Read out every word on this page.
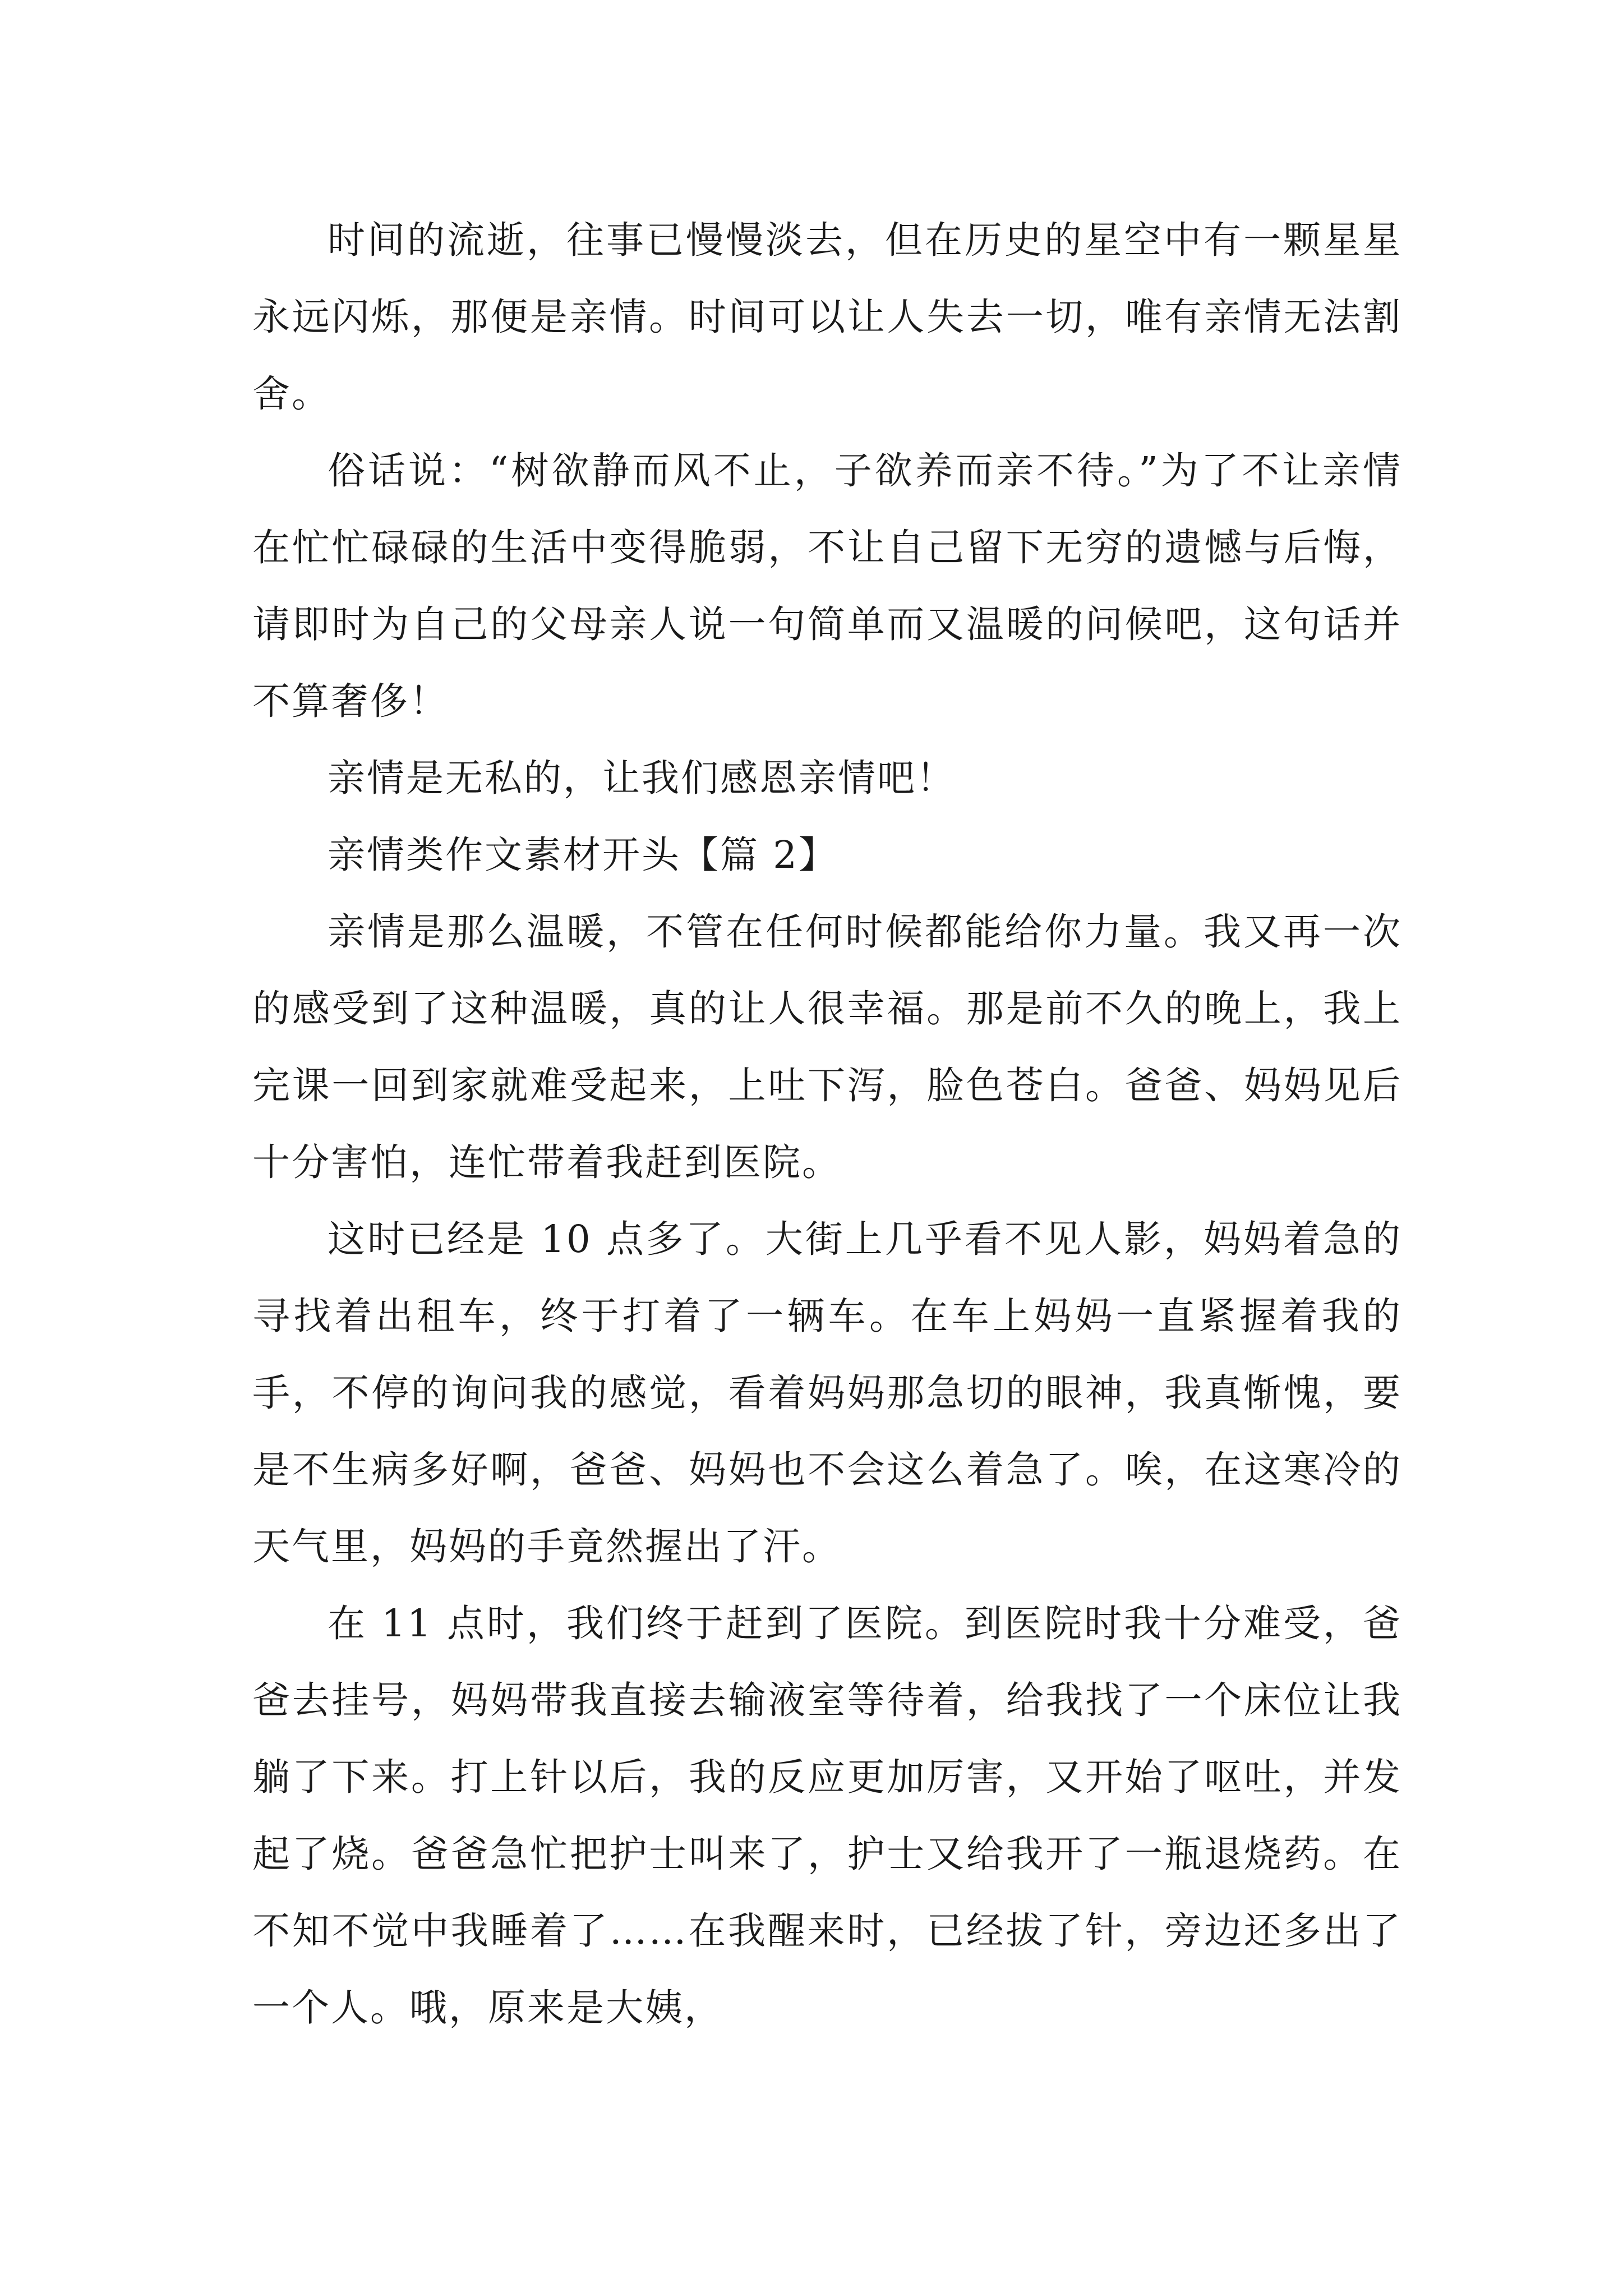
时间的流逝，往事已慢慢淡去，但在历史的星空中有一颗星星永远闪烁，那便是亲情。时间可以让人失去一切，唯有亲情无法割舍。

俗话说：“树欲静而风不止，子欲养而亲不待。”为了不让亲情在忙忙碌碌的生活中变得脆弱，不让自己留下无穷的遗憾与后悔，请即时为自己的父母亲人说一句简单而又温暖的问候吧，这句话并不算奢侈！

亲情是无私的，让我们感恩亲情吧！

亲情类作文素材开头【篇 2】

亲情是那么温暖，不管在任何时候都能给你力量。我又再一次的感受到了这种温暖，真的让人很幸福。那是前不久的晚上，我上完课一回到家就难受起来，上吐下泻，脸色苍白。爸爸、妈妈见后十分害怕，连忙带着我赶到医院。

这时已经是 10 点多了。大街上几乎看不见人影，妈妈着急的寻找着出租车，终于打着了一辆车。在车上妈妈一直紧握着我的手，不停的询问我的感觉，看着妈妈那急切的眼神，我真惭愧，要是不生病多好啊，爸爸、妈妈也不会这么着急了。唉，在这寒冷的天气里，妈妈的手竟然握出了汗。

在 11 点时，我们终于赶到了医院。到医院时我十分难受，爸爸去挂号，妈妈带我直接去输液室等待着，给我找了一个床位让我躺了下来。打上针以后，我的反应更加厉害，又开始了呕吐，并发起了烧。爸爸急忙把护士叫来了，护士又给我开了一瓶退烧药。在不知不觉中我睡着了……在我醒来时，已经拔了针，旁边还多出了一个人。哦，原来是大姨，
